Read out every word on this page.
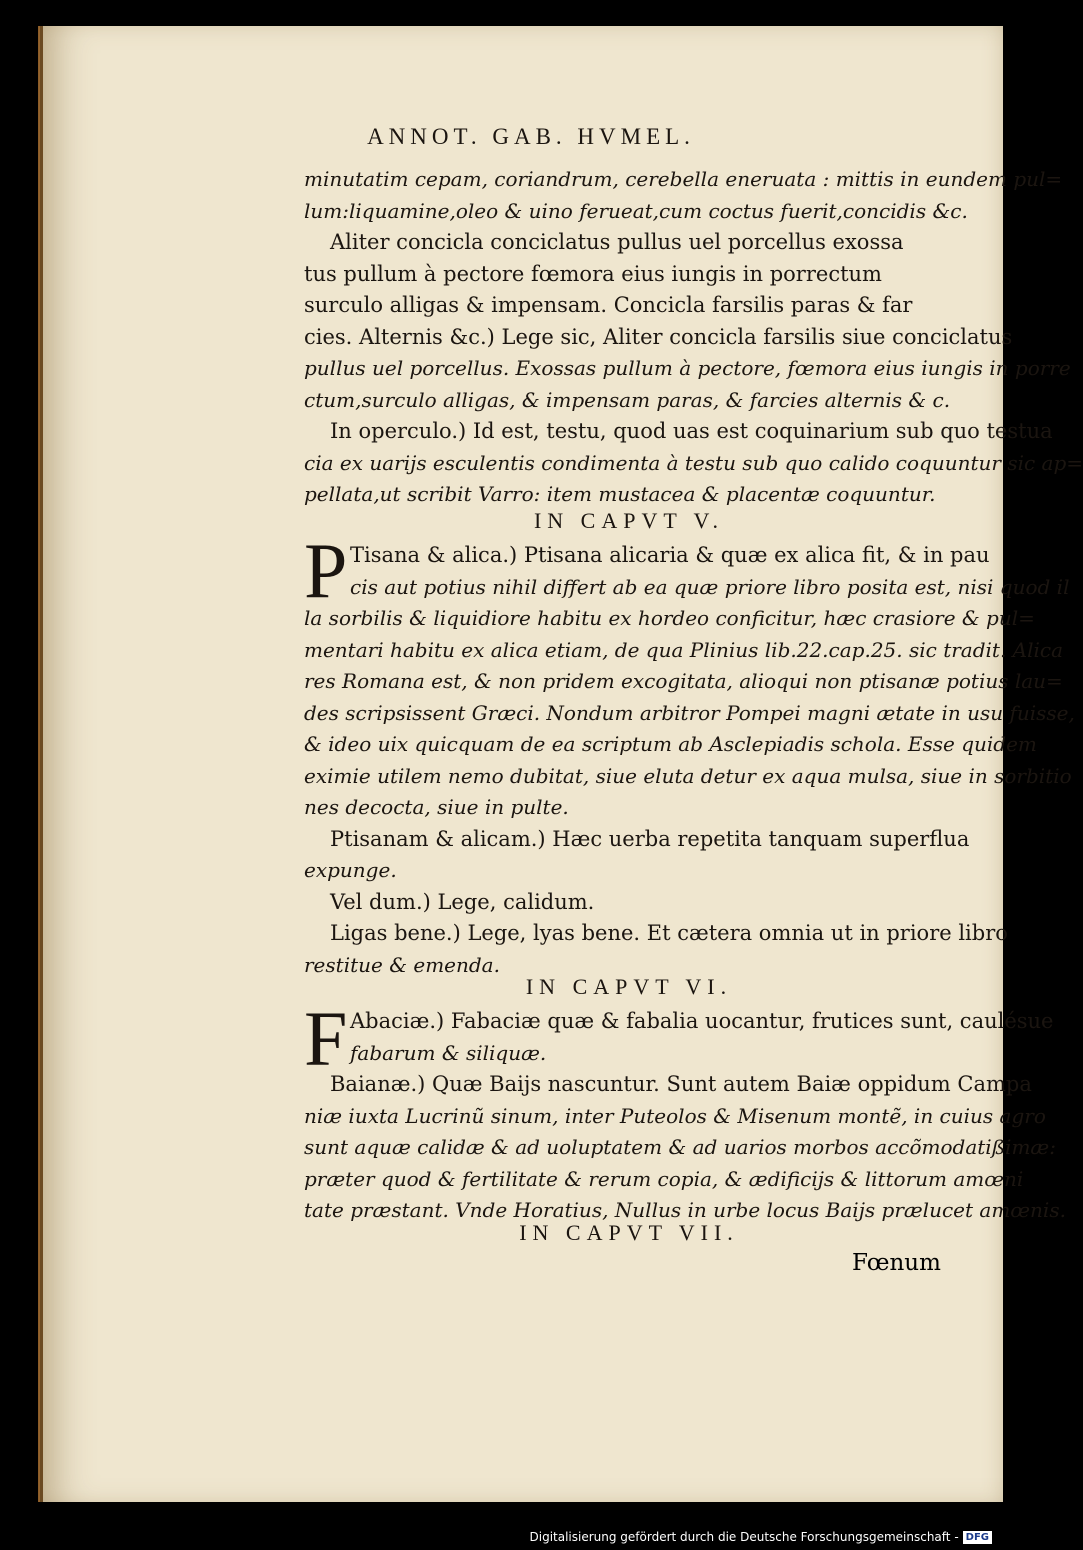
ANNOT. GAB. HVMEL.
minutatim cepam, coriandrum, cerebella eneruata : mittis in eundem pul=
lum:liquamine,oleo & uino ferueat,cum coctus fuerit,concidis &c.
Aliter concicla conciclatus pullus uel porcellus exossa
tus pullum à pectore fœmora eius iungis in porrectum
surculo alligas & impensam. Concicla farsilis paras & far
cies. Alternis &c.) Lege sic, Aliter concicla farsilis siue conciclatus
pullus uel porcellus. Exossas pullum à pectore, fœmora eius iungis in porre
ctum,surculo alligas, & impensam paras, & farcies alternis & c.
In operculo.) Id est, testu, quod uas est coquinarium sub quo testua
cia ex uarijs esculentis condimenta à testu sub quo calido coquuntur sic ap=
pellata,ut scribit Varro: item mustacea & placentæ coquuntur.
IN CAPVT V.
Tisana & alica.) Ptisana alicaria & quæ ex alica fit, & in pau
cis aut potius nihil differt ab ea quæ priore libro posita est, nisi quod il
la sorbilis & liquidiore habitu ex hordeo conficitur, hæc crasiore & pul=
mentari habitu ex alica etiam, de qua Plinius lib.22.cap.25. sic tradit. Alica
res Romana est, & non pridem excogitata, alioqui non ptisanæ potius lau=
des scripsissent Græci. Nondum arbitror Pompei magni ætate in usu fuisse,
& ideo uix quicquam de ea scriptum ab Asclepiadis schola. Esse quidem
eximie utilem nemo dubitat, siue eluta detur ex aqua mulsa, siue in sorbitio
nes decocta, siue in pulte.
Ptisanam & alicam.) Hæc uerba repetita tanquam superflua
expunge.
Vel dum.) Lege, calidum.
Ligas bene.) Lege, lyas bene. Et cætera omnia ut in priore libro
restitue & emenda.
IN CAPVT VI.
Abaciæ.) Fabaciæ quæ & fabalia uocantur, frutices sunt, caulésue
fabarum & siliquæ.
Baianæ.) Quæ Baijs nascuntur. Sunt autem Baiæ oppidum Campa
niæ iuxta Lucrinũ sinum, inter Puteolos & Misenum montẽ, in cuius agro
sunt aquæ calidæ & ad uoluptatem & ad uarios morbos accõmodatißimæ:
præter quod & fertilitate & rerum copia, & ædificijs & littorum amœni
tate præstant. Vnde Horatius, Nullus in urbe locus Baijs prælucet amœnis.
IN CAPVT VII.
P
F
Fœnum
Digitalisierung gefördert durch die Deutsche Forschungsgemeinschaft - DFG
